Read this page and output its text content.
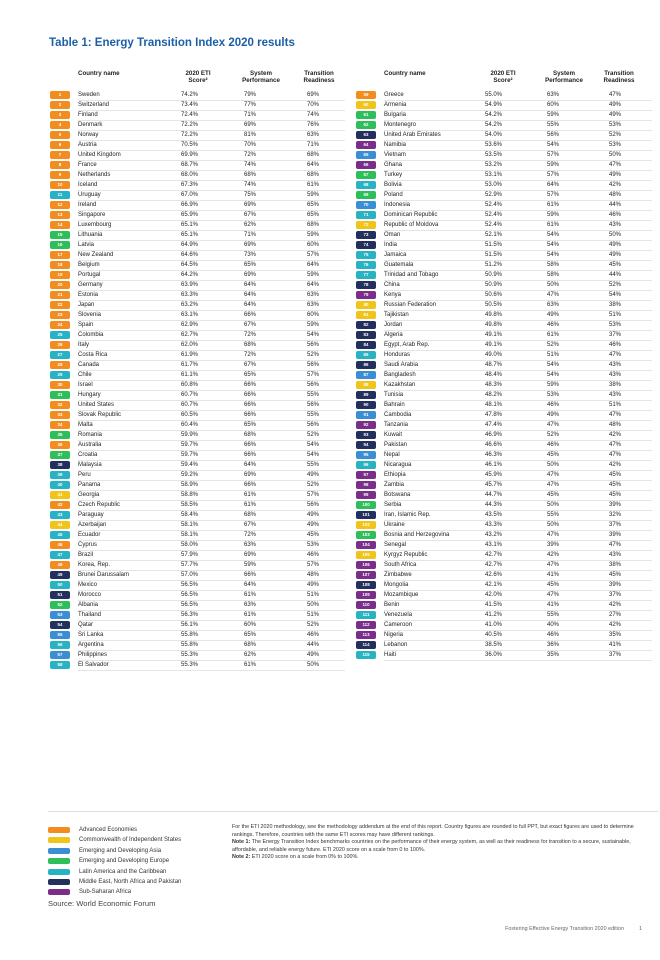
Table 1: Energy Transition Index 2020 results
Country name	2020 ETI Score²
System Performance
Transition Readiness
Country name	2020 ETI Score²
System Performance
Transition Readiness
1	Sweden	74.2%	79%	69%
2	Switzerland	73.4%	77%	70%
3	Finland	72.4%	71%	74%
4	Denmark	72.2%	69%	76%
5	Norway	72.2%	81%	63%
6	Austria	70.5%	70%	71%
7	United Kingdom	69.9%	72%	68%
8	France	68.7%	74%	64%
9	Netherlands	68.0%	68%	68%
10	Iceland	67.3%	74%	61%
11	Uruguay	67.0%	75%	59%
12	Ireland	66.9%	69%	65%
13	Singapore	65.9%	67%	65%
14	Luxembourg	65.1%	62%	68%
15	Lithuania	65.1%	71%	59%
16	Latvia	64.9%	69%	60%
17	New Zealand	64.6%	73%	57%
18	Belgium	64.5%	65%	64%
19	Portugal	64.2%	69%	59%
20	Germany	63.9%	64%	64%
21	Estonia	63.3%	64%	63%
22	Japan	63.2%	64%	63%
23	Slovenia	63.1%	66%	60%
24	Spain	62.9%	67%	59%
25	Colombia	62.7%	72%	54%
26	Italy	62.0%	68%	56%
27	Costa Rica	61.9%	72%	52%
28	Canada	61.7%	67%	56%
29	Chile	61.1%	65%	57%
30	Israel	60.8%	66%	56%
31	Hungary	60.7%	66%	55%
32	United States	60.7%	66%	56%
33	Slovak Republic	60.5%	66%	55%
34	Malta	60.4%	65%	56%
35	Romania	59.9%	68%	52%
36	Australia	59.7%	66%	54%
37	Croatia	59.7%	66%	54%
38	Malaysia	59.4%	64%	55%
39	Peru	59.2%	69%	49%
40	Panama	58.9%	66%	52%
41	Georgia	58.8%	61%	57%
42	Czech Republic	58.5%	61%	56%
43	Paraguay	58.4%	68%	49%
44	Azerbaijan	58.1%	67%	49%
45	Ecuador	58.1%	72%	45%
46	Cyprus	58.0%	63%	53%
47	Brazil	57.9%	69%	46%
48	Korea, Rep.	57.7%	59%	57%
49	Brunei Darussalam	57.0%	66%	48%
50	Mexico	56.5%	64%	49%
51	Morocco	56.5%	61%	51%
52	Albania	56.5%	63%	50%
53	Thailand	56.3%	61%	51%
54	Qatar	56.1%	60%	52%
55	Sri Lanka	55.8%	65%	46%
56	Argentina	55.8%	68%	44%
57	Philippines	55.3%	62%	49%
58	El Salvador	55.3%	61%	50%
59	Greece	55.0%	63%	47%
60	Armenia	54.9%	60%	49%
61	Bulgaria	54.2%	59%	49%
62	Montenegro	54.2%	55%	53%
63	United Arab Emirates	54.0%	56%	52%
64	Namibia	53.6%	54%	53%
65	Vietnam	53.5%	57%	50%
66	Ghana	53.2%	59%	47%
67	Turkey	53.1%	57%	49%
68	Bolivia	53.0%	64%	42%
69	Poland	52.9%	57%	48%
70	Indonesia	52.4%	61%	44%
71	Dominican Republic	52.4%	59%	46%
72	Republic of Moldova	52.4%	61%	43%
73	Oman	52.1%	54%	50%
74	India	51.5%	54%	49%
75	Jamaica	51.5%	54%	49%
76	Guatemala	51.2%	58%	45%
77	Trinidad and Tobago	50.9%	58%	44%
78	China	50.9%	50%	52%
79	Kenya	50.6%	47%	54%
80	Russian Federation	50.5%	63%	38%
81	Tajikistan	49.8%	49%	51%
82	Jordan	49.8%	46%	53%
83	Algeria	49.1%	61%	37%
84	Egypt, Arab Rep.	49.1%	52%	46%
85	Honduras	49.0%	51%	47%
86	Saudi Arabia	48.7%	54%	43%
87	Bangladesh	48.4%	54%	43%
88	Kazakhstan	48.3%	59%	38%
89	Tunisia	48.2%	53%	43%
90	Bahrain	48.1%	46%	51%
91	Cambodia	47.8%	49%	47%
92	Tanzania	47.4%	47%	48%
93	Kuwait	46.9%	52%	42%
94	Pakistan	46.6%	46%	47%
95	Nepal	46.3%	45%	47%
96	Nicaragua	46.1%	50%	42%
97	Ethiopia	45.9%	47%	45%
98	Zambia	45.7%	47%	45%
99	Botswana	44.7%	45%	45%
100	Serbia	44.3%	50%	39%
101	Iran, Islamic Rep.	43.5%	55%	32%
102	Ukraine	43.3%	50%	37%
103	Bosnia and Herzegovina	43.2%	47%	39%
104	Senegal	43.1%	39%	47%
105	Kyrgyz Republic	42.7%	42%	43%
106	South Africa	42.7%	47%	38%
107	Zimbabwe	42.6%	41%	45%
108	Mongolia	42.1%	45%	39%
109	Mozambique	42.0%	47%	37%
110	Benin	41.5%	41%	42%
111	Venezuela	41.2%	55%	27%
112	Cameroon	41.0%	40%	42%
113	Nigeria	40.5%	46%	35%
114	Lebanon	38.5%	36%	41%
115	Haiti	36.0%	35%	37%
Advanced Economies
Commonwealth of Independent States
Emerging and Developing Asia
Emerging and Developing Europe
Latin America and the Caribbean
Middle East, North Africa and Pakistan
Sub-Saharan Africa

For the ETI 2020 methodology, see the methodology addendum at the end of this report. Country figures are rounded to full PPT, but exact figures are used to determine rankings. Therefore, countries with the same ETI scores may have different rankings.

Note 1: The Energy Transition Index benchmarks countries on the performance of their energy system, as well as their readiness for transition to a secure, sustainable, affordable, and reliable energy future. ETI 2020 score on a scale from 0 to 100%.

Note 2: ETI 2020 score on a scale from 0% to 100%.

Source: World Economic Forum
Fostering Effective Energy Transition 2020 edition	1
